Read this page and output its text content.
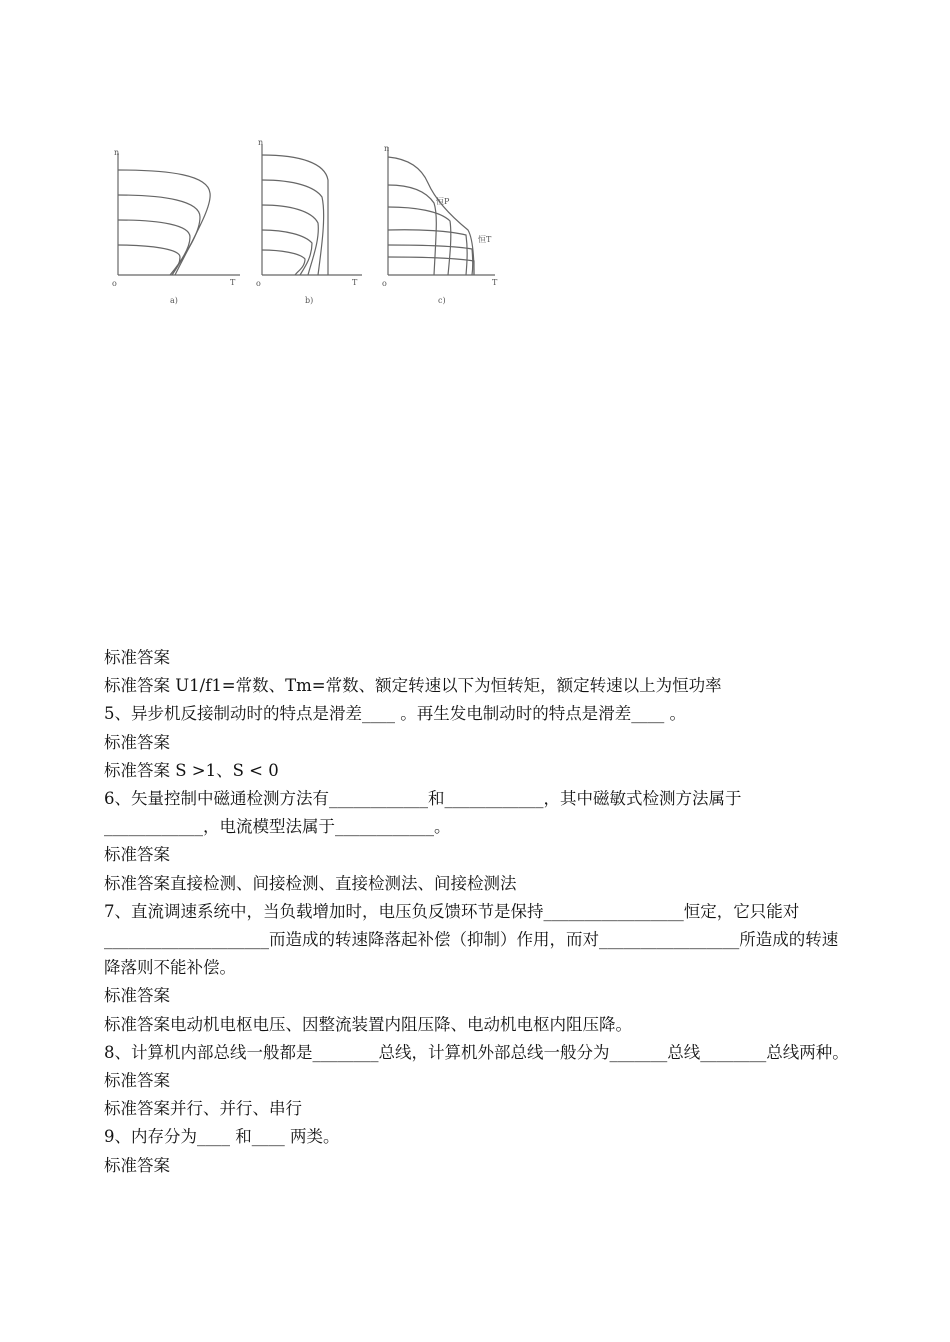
n
T
o
a)
n
T
o
b)
n
T
o
c)
恒P
恒T
标准答案
标准答案 U1/f1=常数、Tm=常数、额定转速以下为恒转矩，额定转速以上为恒功率
5、异步机反接制动时的特点是滑差____ 。再生发电制动时的特点是滑差____ 。
标准答案
标准答案 S >1、S < 0
6、矢量控制中磁通检测方法有____________和____________，其中磁敏式检测方法属于____________，电流模型法属于____________。
标准答案
标准答案直接检测、间接检测、直接检测法、间接检测法
7、直流调速系统中，当负载增加时，电压负反馈环节是保持_________________恒定，它只能对____________________而造成的转速降落起补偿（抑制）作用，而对_________________所造成的转速降落则不能补偿。
标准答案
标准答案电动机电枢电压、因整流装置内阻压降、电动机电枢内阻压降。
8、计算机内部总线一般都是________总线，计算机外部总线一般分为_______总线________总线两种。
标准答案
标准答案并行、并行、串行
9、内存分为____ 和____ 两类。
标准答案
